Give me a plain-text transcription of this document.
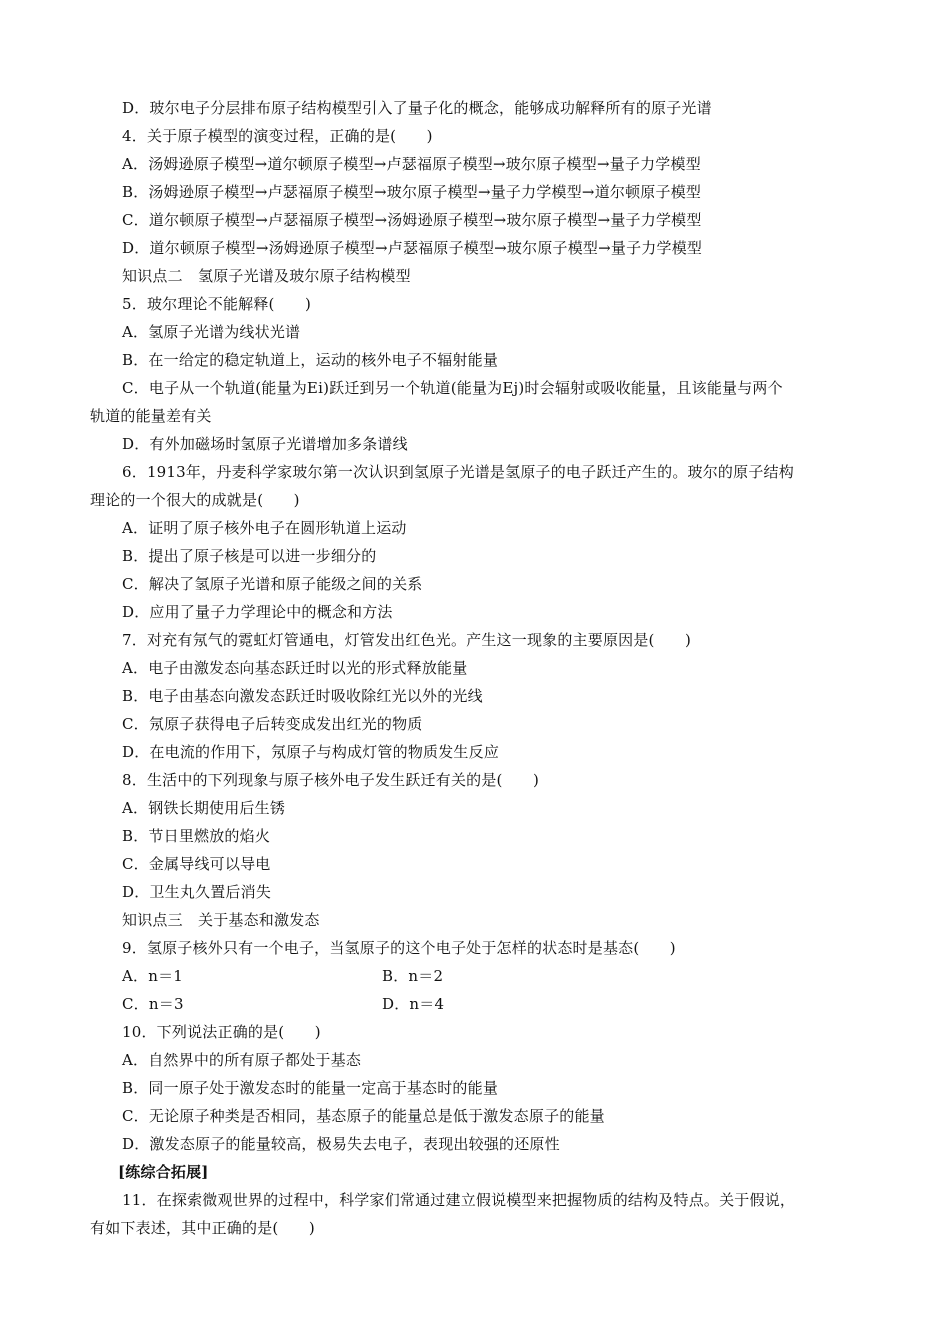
D．玻尔电子分层排布原子结构模型引入了量子化的概念，能够成功解释所有的原子光谱
4．关于原子模型的演变过程，正确的是(　　)
A．汤姆逊原子模型→道尔顿原子模型→卢瑟福原子模型→玻尔原子模型→量子力学模型
B．汤姆逊原子模型→卢瑟福原子模型→玻尔原子模型→量子力学模型→道尔顿原子模型
C．道尔顿原子模型→卢瑟福原子模型→汤姆逊原子模型→玻尔原子模型→量子力学模型
D．道尔顿原子模型→汤姆逊原子模型→卢瑟福原子模型→玻尔原子模型→量子力学模型
知识点二　氢原子光谱及玻尔原子结构模型
5．玻尔理论不能解释(　　)
A．氢原子光谱为线状光谱
B．在一给定的稳定轨道上，运动的核外电子不辐射能量
C．电子从一个轨道(能量为Ei)跃迁到另一个轨道(能量为Ej)时会辐射或吸收能量，且该能量与两个
轨道的能量差有关
D．有外加磁场时氢原子光谱增加多条谱线
6．1913年，丹麦科学家玻尔第一次认识到氢原子光谱是氢原子的电子跃迁产生的。玻尔的原子结构
理论的一个很大的成就是(　　)
A．证明了原子核外电子在圆形轨道上运动
B．提出了原子核是可以进一步细分的
C．解决了氢原子光谱和原子能级之间的关系
D．应用了量子力学理论中的概念和方法
7．对充有氖气的霓虹灯管通电，灯管发出红色光。产生这一现象的主要原因是(　　)
A．电子由激发态向基态跃迁时以光的形式释放能量
B．电子由基态向激发态跃迁时吸收除红光以外的光线
C．氖原子获得电子后转变成发出红光的物质
D．在电流的作用下，氖原子与构成灯管的物质发生反应
8．生活中的下列现象与原子核外电子发生跃迁有关的是(　　)
A．钢铁长期使用后生锈
B．节日里燃放的焰火
C．金属导线可以导电
D．卫生丸久置后消失
知识点三　关于基态和激发态
9．氢原子核外只有一个电子，当氢原子的这个电子处于怎样的状态时是基态(　　)
A．n＝1	B．n＝2
C．n＝3	D．n＝4
10．下列说法正确的是(　　)
A．自然界中的所有原子都处于基态
B．同一原子处于激发态时的能量一定高于基态时的能量
C．无论原子种类是否相同，基态原子的能量总是低于激发态原子的能量
D．激发态原子的能量较高，极易失去电子，表现出较强的还原性
[练综合拓展]
11．在探索微观世界的过程中，科学家们常通过建立假说模型来把握物质的结构及特点。关于假说，
有如下表述，其中正确的是(　　)
